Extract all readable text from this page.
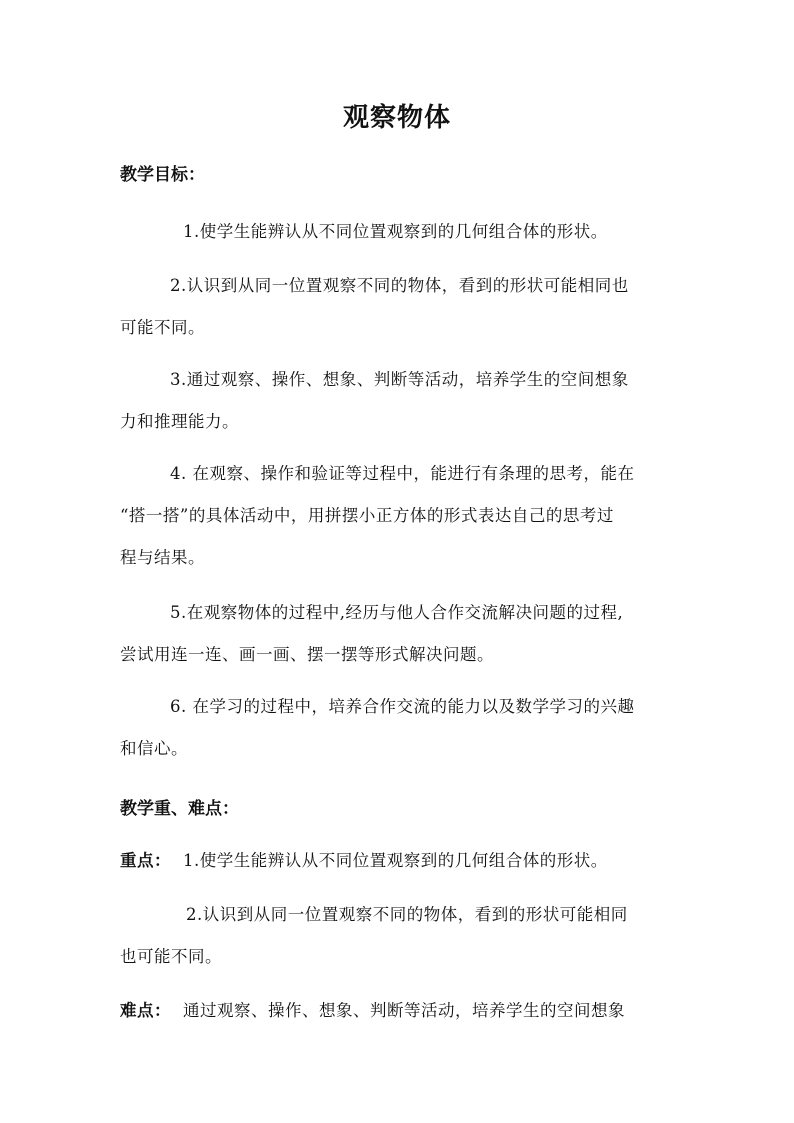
观察物体
教学目标：
1.使学生能辨认从不同位置观察到的几何组合体的形状。
2.认识到从同一位置观察不同的物体，看到的形状可能相同也
可能不同。
3.通过观察、操作、想象、判断等活动，培养学生的空间想象
力和推理能力。
4. 在观察、操作和验证等过程中，能进行有条理的思考，能在
“搭一搭”的具体活动中，用拼摆小正方体的形式表达自己的思考过
程与结果。
5.在观察物体的过程中,经历与他人合作交流解决问题的过程,
尝试用连一连、画一画、摆一摆等形式解决问题。
6. 在学习的过程中，培养合作交流的能力以及数学学习的兴趣
和信心。
教学重、难点：
重点： 1.使学生能辨认从不同位置观察到的几何组合体的形状。
2.认识到从同一位置观察不同的物体，看到的形状可能相同
也可能不同。
难点： 通过观察、操作、想象、判断等活动，培养学生的空间想象
